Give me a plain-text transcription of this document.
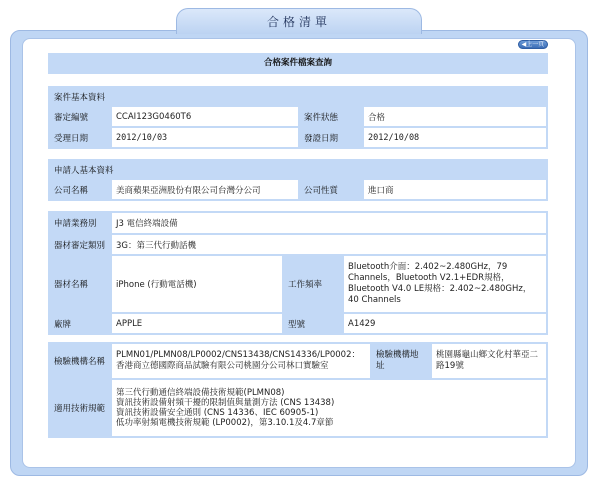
合格清單
◀上一頁
合格案件檔案查詢
案件基本資料			
審定編號	CCAI123G0460T6	案件狀態	合格
受理日期	2012/10/03	發證日期	2012/10/08
申請人基本資料
公司名稱	美商蘋果亞洲股份有限公司台灣分公司	公司性質	進口商
申請業務別	J3 電信終端設備		
器材審定類別	3G：第三代行動話機		
器材名稱	iPhone (行動電話機)	工作頻率	Bluetooth介面：2.402~2.480GHz，79 Channels，Bluetooth V2.1+EDR規格，Bluetooth V4.0 LE規格：2.402~2.480GHz，40 Channels
廠牌	APPLE	型號	A1429
檢驗機構名稱	PLMN01/PLMN08/LP0002/CNS13438/CNS14336/LP0002：香港商立德國際商品試驗有限公司桃園分公司林口實驗室	檢驗機構地址	桃園縣龜山鄉文化村華亞二路19號
適用技術規範	第三代行動通信終端設備技術規範(PLMN08)
資訊技術設備射頻干擾的限制值與量測方法 (CNS 13438)
資訊技術設備安全通則 (CNS 14336、IEC 60905-1)
低功率射頻電機技術規範 (LP0002)，第3.10.1及4.7章節		
